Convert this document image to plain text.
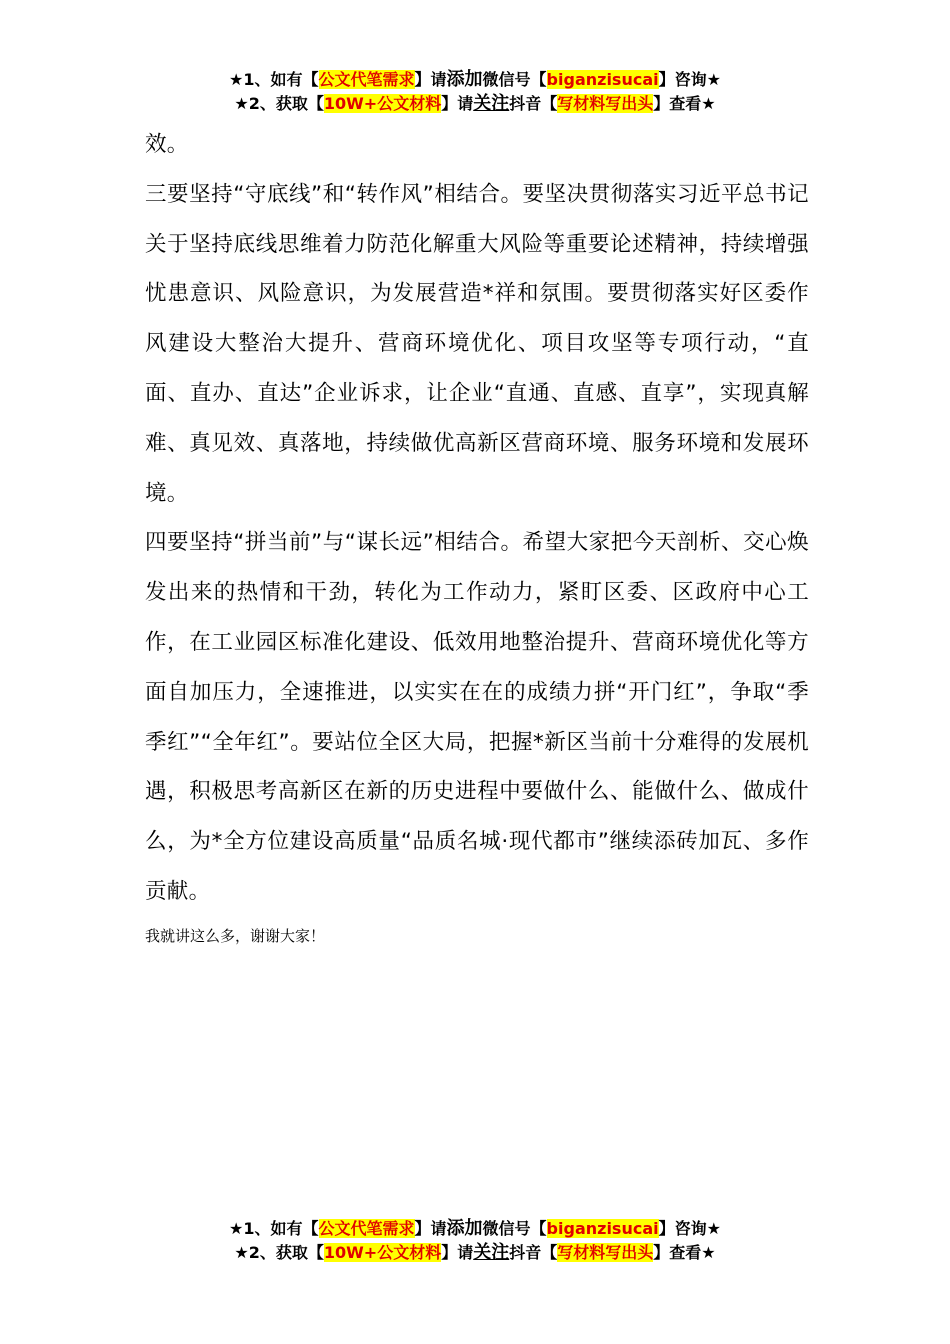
★1、如有【公文代笔需求】请添加微信号【biganzisucai】咨询★
★2、获取【10W+公文材料】请关注抖音【写材料写出头】查看★

效。

三要坚持“守底线”和“转作风”相结合。要坚决贯彻落实习近平总书记关于坚持底线思维着力防范化解重大风险等重要论述精神，持续增强忧患意识、风险意识，为发展营造*祥和氛围。要贯彻落实好区委作风建设大整治大提升、营商环境优化、项目攻坚等专项行动，“直面、直办、直达”企业诉求，让企业“直通、直感、直享”，实现真解难、真见效、真落地，持续做优高新区营商环境、服务环境和发展环境。

四要坚持“拼当前”与“谋长远”相结合。希望大家把今天剖析、交心焕发出来的热情和干劲，转化为工作动力，紧盯区委、区政府中心工作，在工业园区标准化建设、低效用地整治提升、营商环境优化等方面自加压力，全速推进，以实实在在的成绩力拼“开门红”，争取“季季红”“全年红”。要站位全区大局，把握*新区当前十分难得的发展机遇，积极思考高新区在新的历史进程中要做什么、能做什么、做成什么，为*全方位建设高质量“品质名城·现代都市”继续添砖加瓦、多作贡献。

我就讲这么多，谢谢大家！

★1、如有【公文代笔需求】请添加微信号【biganzisucai】咨询★
★2、获取【10W+公文材料】请关注抖音【写材料写出头】查看★
